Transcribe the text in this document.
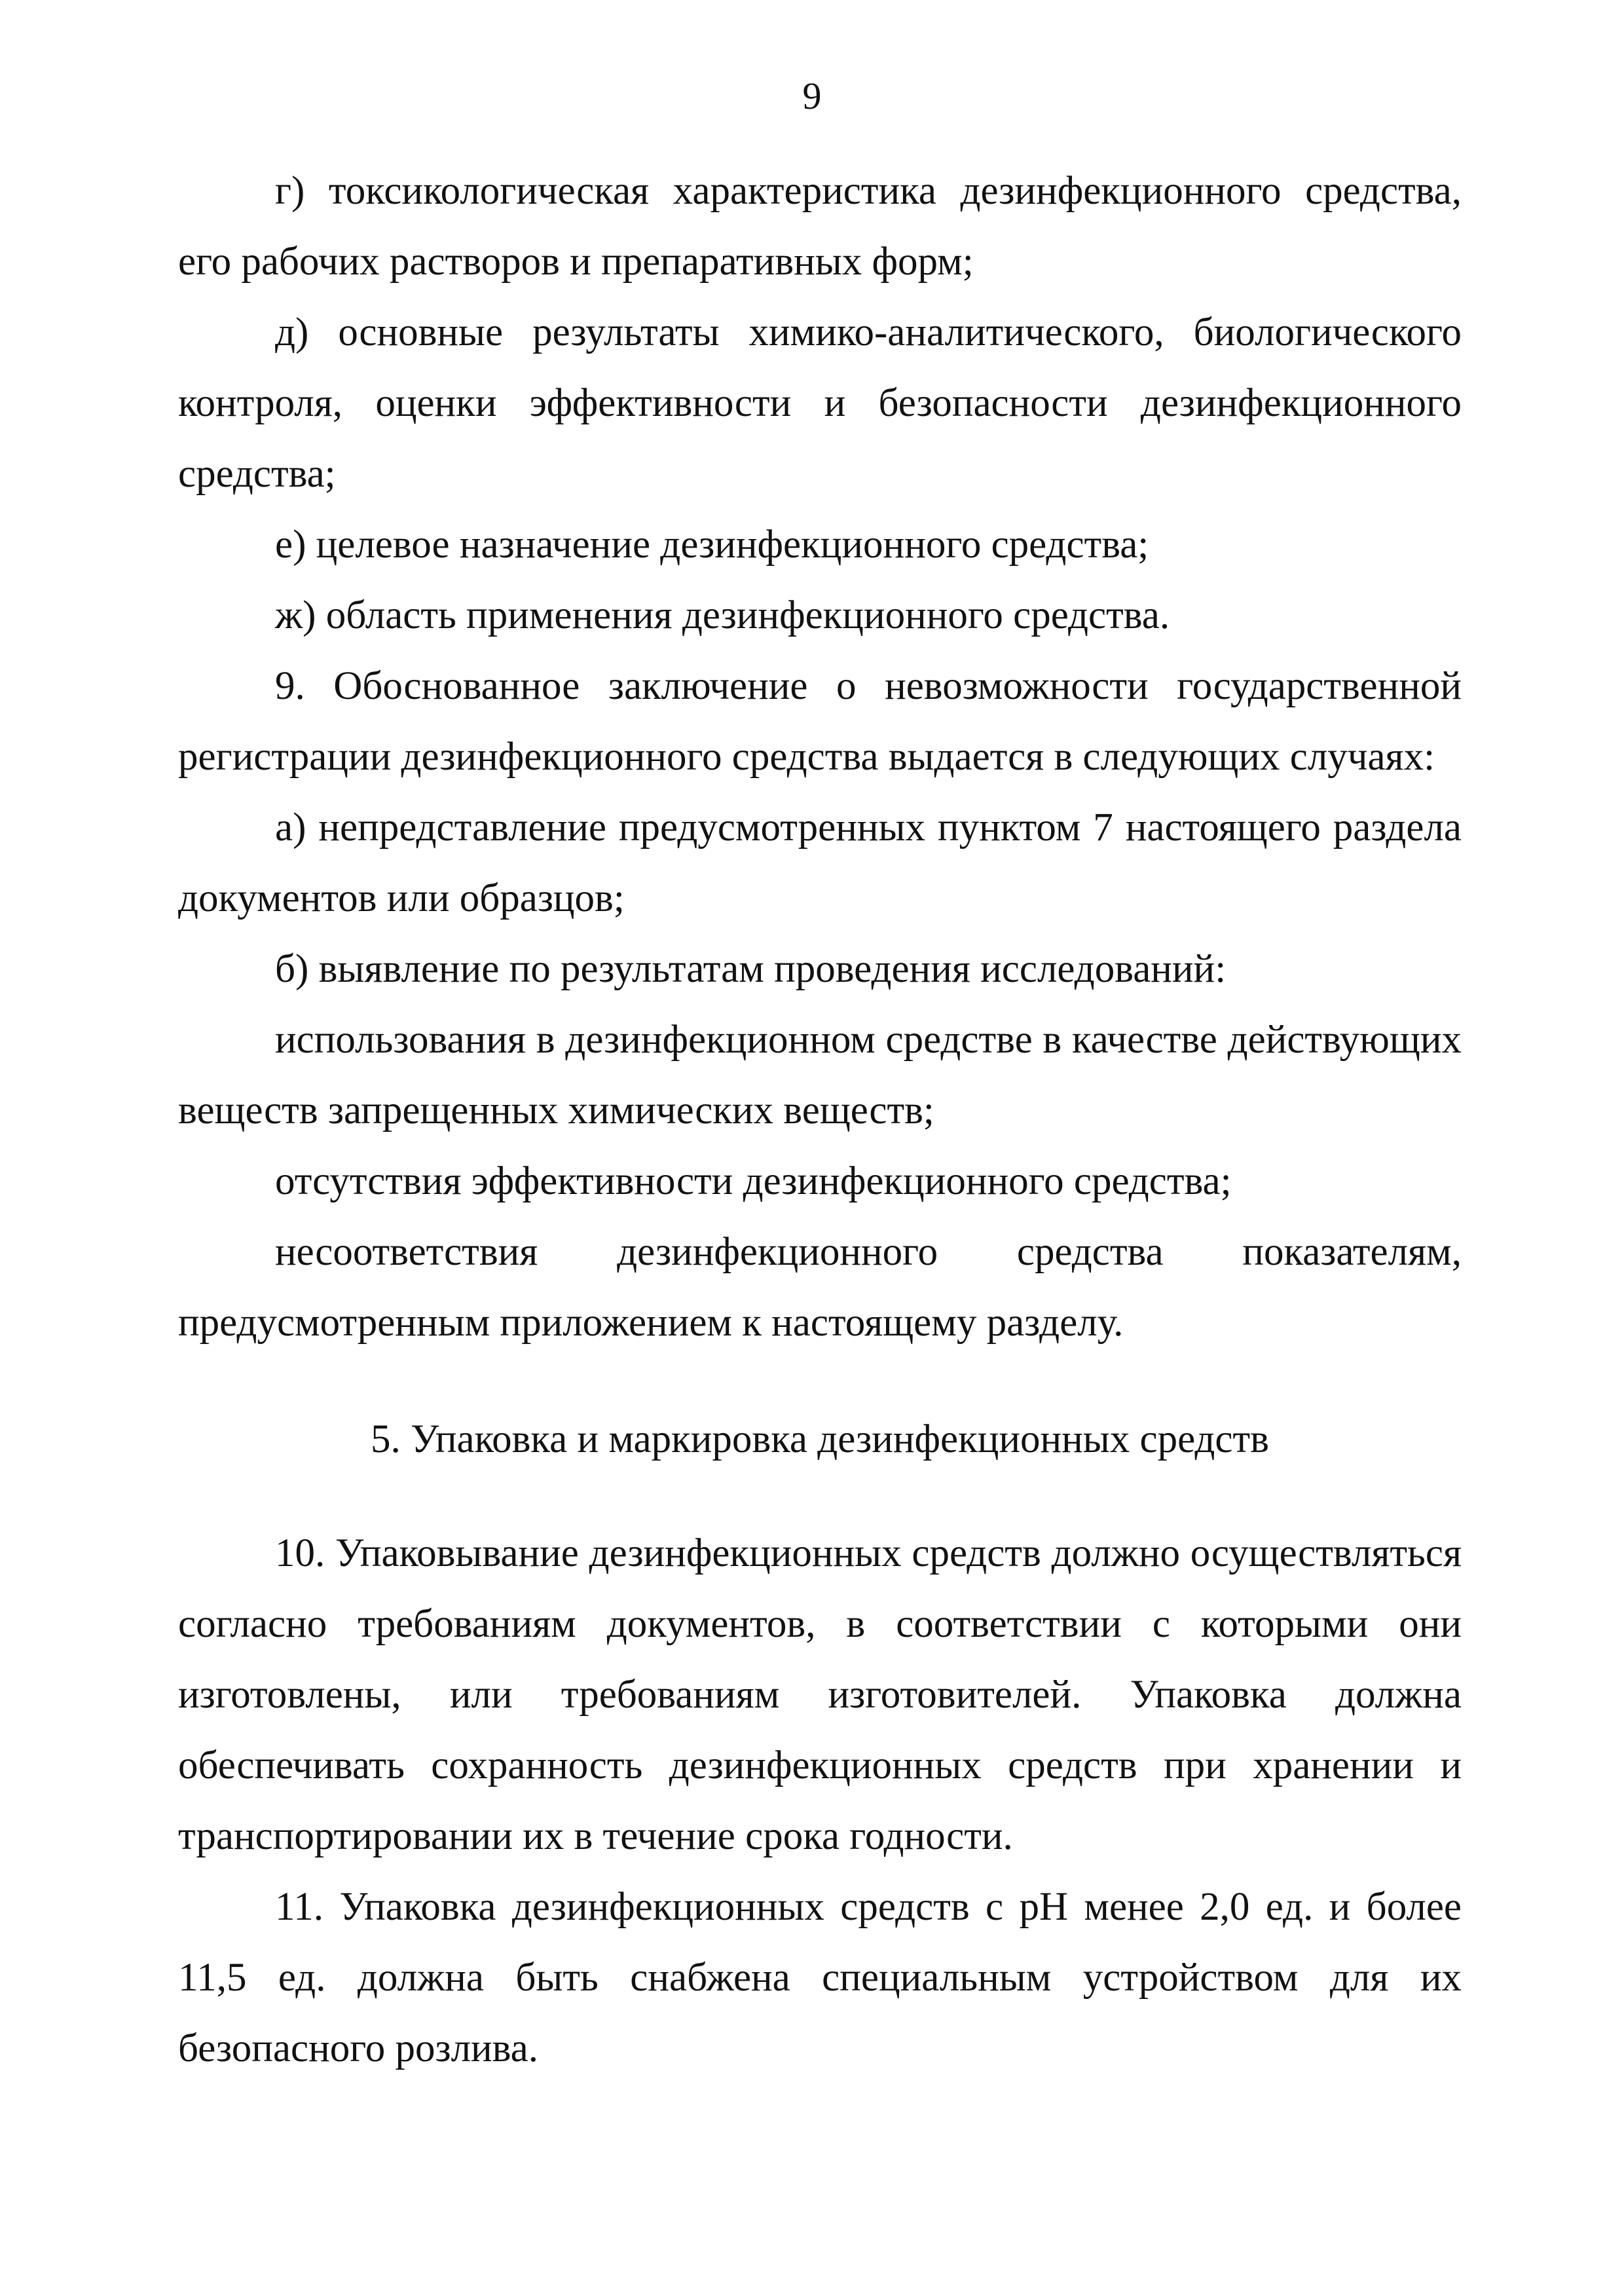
9

г) токсикологическая характеристика дезинфекционного средства, его рабочих растворов и препаративных форм;

д) основные результаты химико-аналитического, биологического контроля, оценки эффективности и безопасности дезинфекционного средства;

е) целевое назначение дезинфекционного средства;

ж) область применения дезинфекционного средства.

9. Обоснованное заключение о невозможности государственной регистрации дезинфекционного средства выдается в следующих случаях:

а) непредставление предусмотренных пунктом 7 настоящего раздела документов или образцов;

б) выявление по результатам проведения исследований:

использования в дезинфекционном средстве в качестве действующих веществ запрещенных химических веществ;

отсутствия эффективности дезинфекционного средства;

несоответствия дезинфекционного средства показателям, предусмотренным приложением к настоящему разделу.

5. Упаковка и маркировка дезинфекционных средств

10. Упаковывание дезинфекционных средств должно осуществляться согласно требованиям документов, в соответствии с которыми они изготовлены, или требованиям изготовителей. Упаковка должна обеспечивать сохранность дезинфекционных средств при хранении и транспортировании их в течение срока годности.

11. Упаковка дезинфекционных средств с pH менее 2,0 ед. и более 11,5 ед. должна быть снабжена специальным устройством для их безопасного розлива.
